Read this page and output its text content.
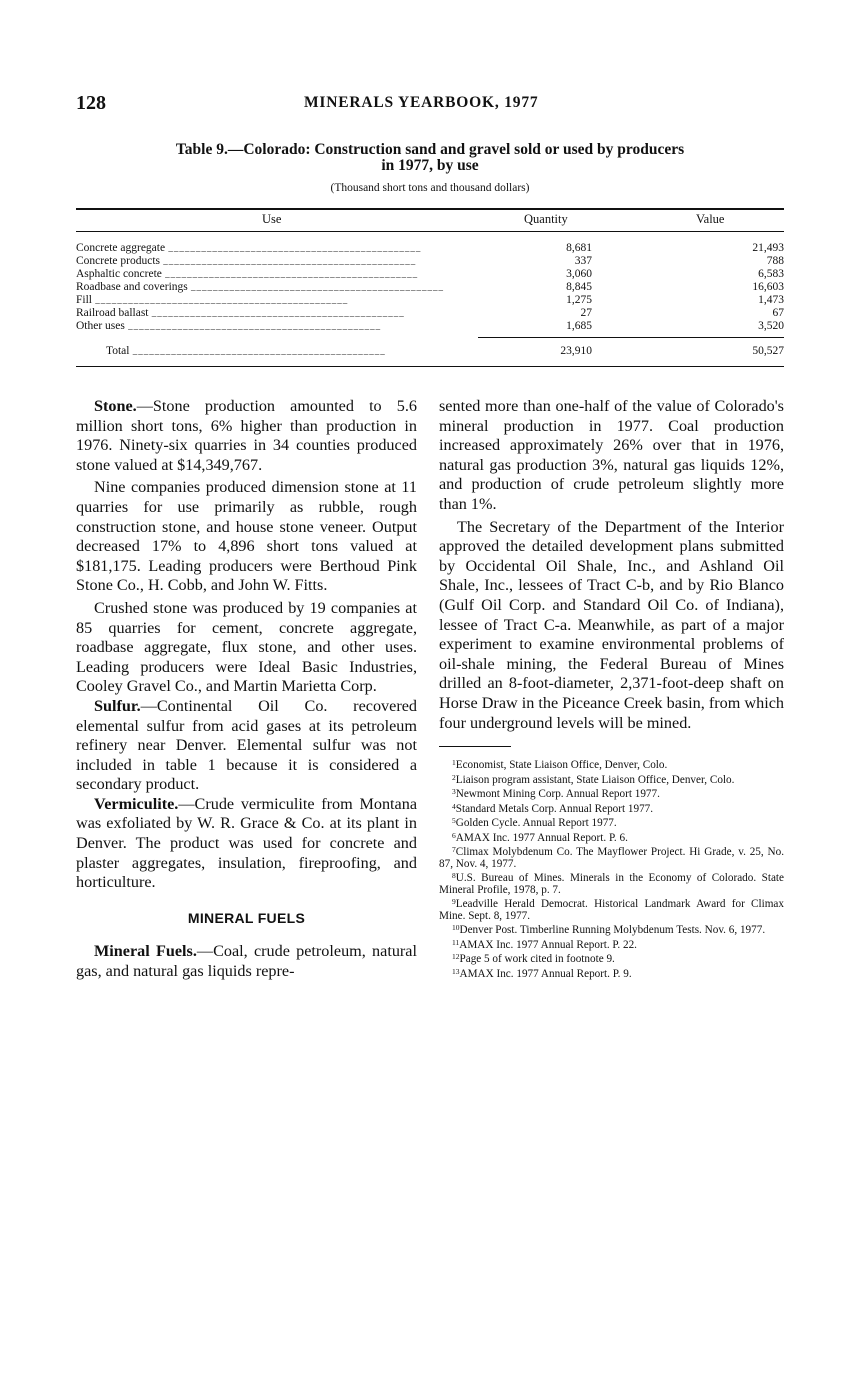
128	MINERALS YEARBOOK, 1977
Table 9.—Colorado: Construction sand and gravel sold or used by producers
in 1977, by use
(Thousand short tons and thousand dollars)
Use	Quantity	Value
Concrete aggregate _____	8,681	21,493
Concrete products _____	337	788
Asphaltic concrete _____	3,060	6,583
Roadbase and coverings _____	8,845	16,603
Fill _____	1,275	1,473
Railroad ballast _____	27	67
Other uses _____	1,685	3,520
Total _____	23,910	50,527

Stone.—Stone production amounted to 5.6 million short tons, 6% higher than production in 1976. Ninety-six quarries in 34 counties produced stone valued at $14,349,767.

Nine companies produced dimension stone at 11 quarries for use primarily as rubble, rough construction stone, and house stone veneer. Output decreased 17% to 4,896 short tons valued at $181,175. Leading producers were Berthoud Pink Stone Co., H. Cobb, and John W. Fitts.

Crushed stone was produced by 19 companies at 85 quarries for cement, concrete aggregate, roadbase aggregate, flux stone, and other uses. Leading producers were Ideal Basic Industries, Cooley Gravel Co., and Martin Marietta Corp.

Sulfur.—Continental Oil Co. recovered elemental sulfur from acid gases at its petroleum refinery near Denver. Elemental sulfur was not included in table 1 because it is considered a secondary product.

Vermiculite.—Crude vermiculite from Montana was exfoliated by W. R. Grace & Co. at its plant in Denver. The product was used for concrete and plaster aggregates, insulation, fireproofing, and horticulture.

MINERAL FUELS

Mineral Fuels.—Coal, crude petroleum, natural gas, and natural gas liquids repre-

sented more than one-half of the value of Colorado's mineral production in 1977. Coal production increased approximately 26% over that in 1976, natural gas production 3%, natural gas liquids 12%, and production of crude petroleum slightly more than 1%.

The Secretary of the Department of the Interior approved the detailed development plans submitted by Occidental Oil Shale, Inc., and Ashland Oil Shale, Inc., lessees of Tract C-b, and by Rio Blanco (Gulf Oil Corp. and Standard Oil Co. of Indiana), lessee of Tract C-a. Meanwhile, as part of a major experiment to examine environmental problems of oil-shale mining, the Federal Bureau of Mines drilled an 8-foot-diameter, 2,371-foot-deep shaft on Horse Draw in the Piceance Creek basin, from which four underground levels will be mined.

$^1$Economist, State Liaison Office, Denver, Colo.
$^2$Liaison program assistant, State Liaison Office, Denver, Colo.
$^3$Newmont Mining Corp. Annual Report 1977.
$^4$Standard Metals Corp. Annual Report 1977.
$^5$Golden Cycle. Annual Report 1977.
$^6$AMAX Inc. 1977 Annual Report. P. 6.
$^7$Climax Molybdenum Co. The Mayflower Project. Hi Grade, v. 25, No. 87, Nov. 4, 1977.
$^8$U.S. Bureau of Mines. Minerals in the Economy of Colorado. State Mineral Profile, 1978, p. 7.
$^9$Leadville Herald Democrat. Historical Landmark Award for Climax Mine. Sept. 8, 1977.
$^{10}$Denver Post. Timberline Running Molybdenum Tests. Nov. 6, 1977.
$^{11}$AMAX Inc. 1977 Annual Report. P. 22.
$^{12}$Page 5 of work cited in footnote 9.
$^{13}$AMAX Inc. 1977 Annual Report. P. 9.
